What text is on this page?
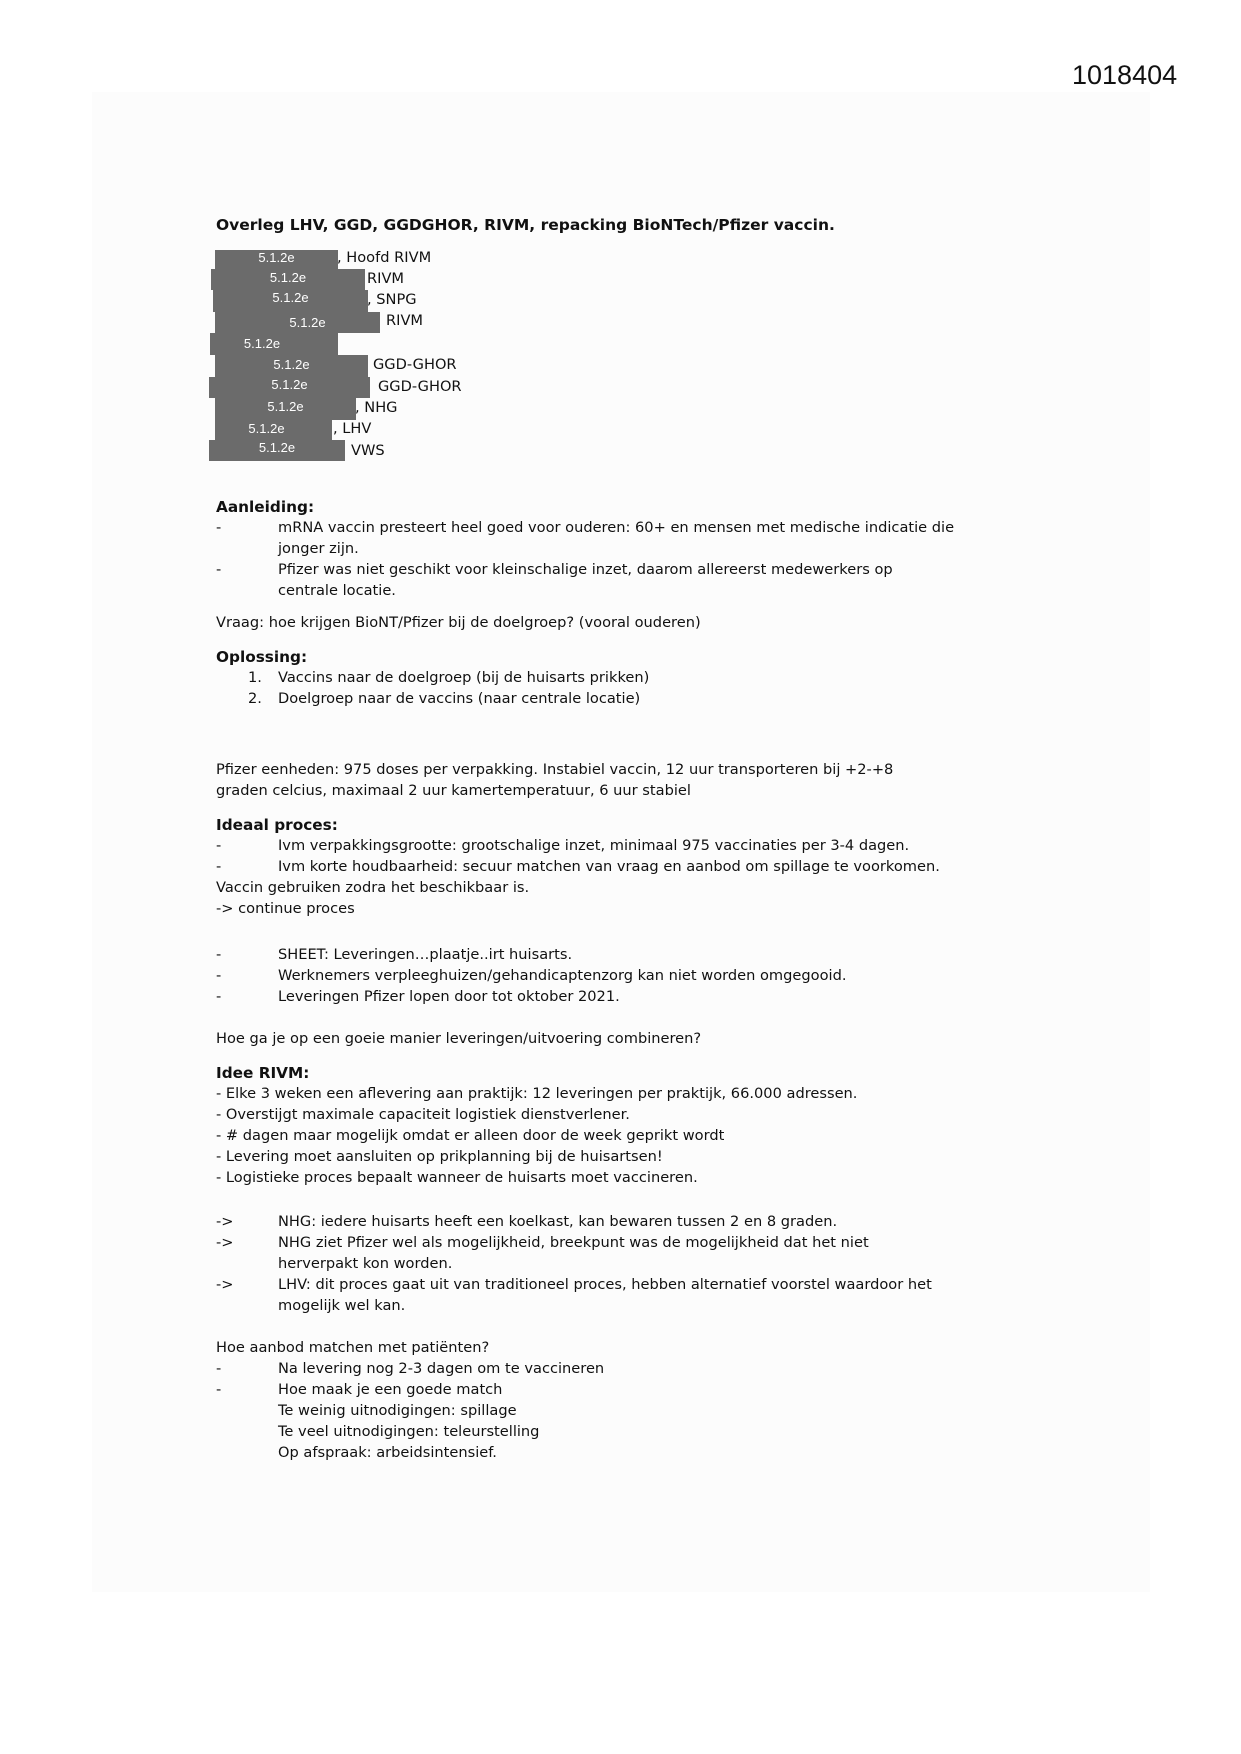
1018404
Overleg LHV, GGD, GGDGHOR, RIVM, repacking BioNTech/Pfizer vaccin.
5.1.2e	, Hoofd RIVM
5.1.2e	RIVM
5.1.2e	, SNPG
5.1.2e	RIVM
5.1.2e
5.1.2e	GGD-GHOR
5.1.2e	GGD-GHOR
5.1.2e	, NHG
5.1.2e	, LHV
5.1.2e	VWS
Aanleiding:
-	mRNA vaccin presteert heel goed voor ouderen: 60+ en mensen met medische indicatie die
jonger zijn.
-	Pfizer was niet geschikt voor kleinschalige inzet, daarom allereerst medewerkers op
centrale locatie.
Vraag: hoe krijgen BioNT/Pfizer bij de doelgroep? (vooral ouderen)
Oplossing:
1. Vaccins naar de doelgroep (bij de huisarts prikken)
2. Doelgroep naar de vaccins (naar centrale locatie)
Pfizer eenheden: 975 doses per verpakking. Instabiel vaccin, 12 uur transporteren bij +2-+8
graden celcius, maximaal 2 uur kamertemperatuur, 6 uur stabiel
Ideaal proces:
-	Ivm verpakkingsgrootte: grootschalige inzet, minimaal 975 vaccinaties per 3-4 dagen.
-	Ivm korte houdbaarheid: secuur matchen van vraag en aanbod om spillage te voorkomen.
Vaccin gebruiken zodra het beschikbaar is.
-> continue proces
-	SHEET: Leveringen…plaatje..irt huisarts.
-	Werknemers verpleeghuizen/gehandicaptenzorg kan niet worden omgegooid.
-	Leveringen Pfizer lopen door tot oktober 2021.
Hoe ga je op een goeie manier leveringen/uitvoering combineren?
Idee RIVM:
- Elke 3 weken een aflevering aan praktijk: 12 leveringen per praktijk, 66.000 adressen.
- Overstijgt maximale capaciteit logistiek dienstverlener.
- # dagen maar mogelijk omdat er alleen door de week geprikt wordt
- Levering moet aansluiten op prikplanning bij de huisartsen!
- Logistieke proces bepaalt wanneer de huisarts moet vaccineren.
->	NHG: iedere huisarts heeft een koelkast, kan bewaren tussen 2 en 8 graden.
->	NHG ziet Pfizer wel als mogelijkheid, breekpunt was de mogelijkheid dat het niet
herverpakt kon worden.
->	LHV: dit proces gaat uit van traditioneel proces, hebben alternatief voorstel waardoor het
mogelijk wel kan.
Hoe aanbod matchen met patiënten?
-	Na levering nog 2-3 dagen om te vaccineren
-	Hoe maak je een goede match
Te weinig uitnodigingen: spillage
Te veel uitnodigingen: teleurstelling
Op afspraak: arbeidsintensief.
